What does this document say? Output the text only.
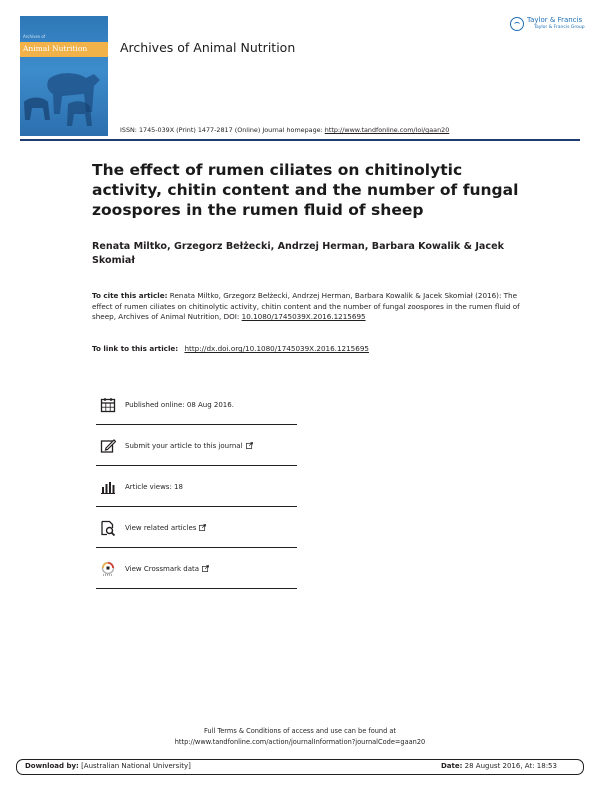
Archives of
Animal Nutrition	Archives of Animal Nutrition
Taylor & Francis
Taylor & Francis Group
ISSN: 1745-039X (Print) 1477-2817 (Online) Journal homepage: http://www.tandfonline.com/loi/gaan20
The effect of rumen ciliates on chitinolytic activity, chitin content and the number of fungal zoospores in the rumen fluid of sheep
Renata Miltko, Grzegorz Bełżecki, Andrzej Herman, Barbara Kowalik & Jacek Skomiał
To cite this article: Renata Miltko, Grzegorz Bełżecki, Andrzej Herman, Barbara Kowalik & Jacek Skomiał (2016): The effect of rumen ciliates on chitinolytic activity, chitin content and the number of fungal zoospores in the rumen fluid of sheep, Archives of Animal Nutrition, DOI: 10.1080/1745039X.2016.1215695
To link to this article: http://dx.doi.org/10.1080/1745039X.2016.1215695
Published online: 08 Aug 2016.
Submit your article to this journal
Article views: 18
View related articles
View Crossmark data
Full Terms & Conditions of access and use can be found at
http://www.tandfonline.com/action/journalInformation?journalCode=gaan20
Download by: [Australian National University]	Date: 28 August 2016, At: 18:53
